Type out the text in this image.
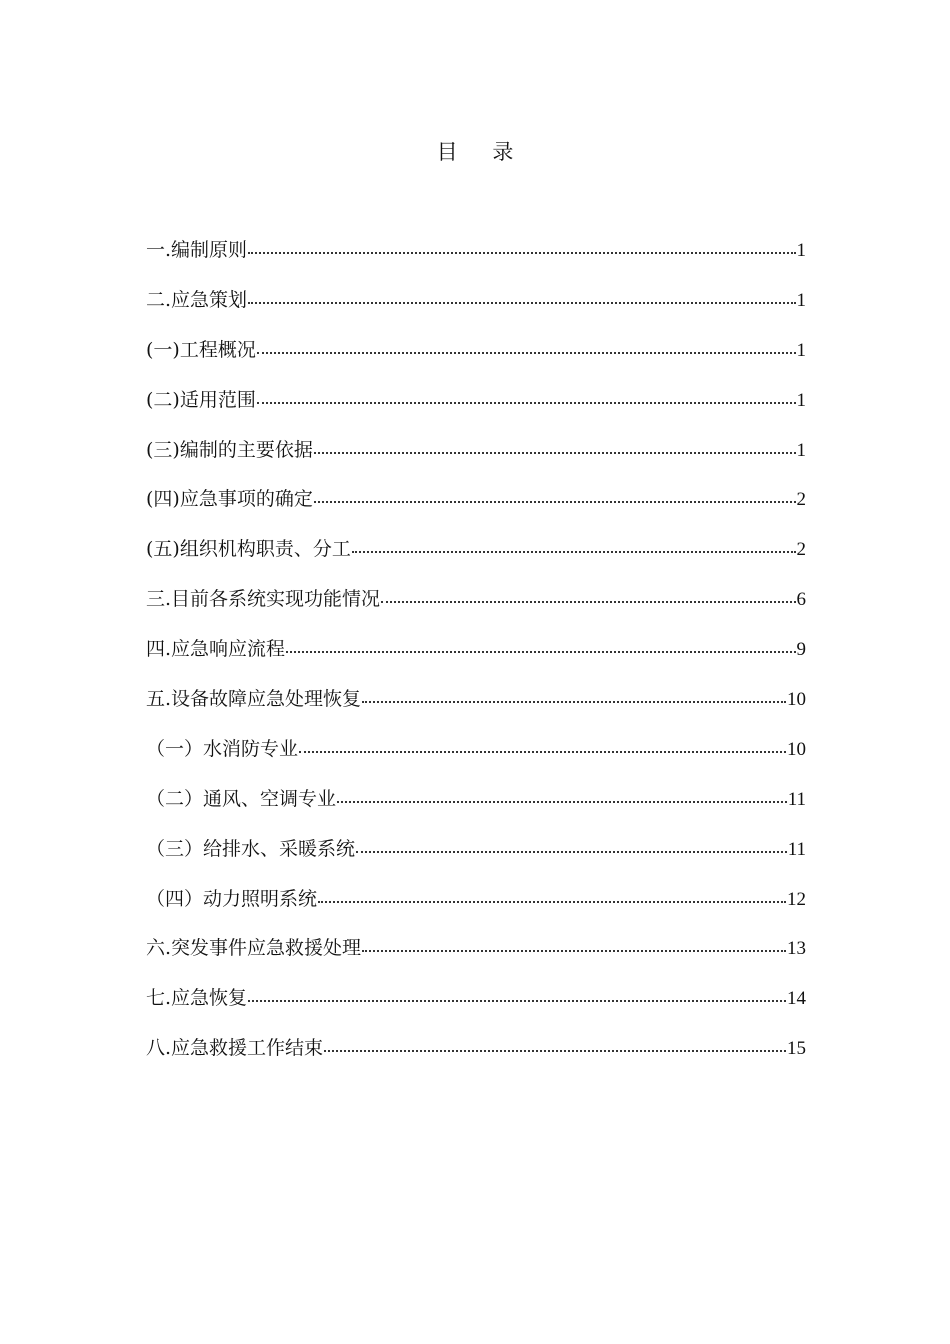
目 录
一.编制原则	1
二.应急策划	1
(一)工程概况	1
(二)适用范围	1
(三)编制的主要依据	1
(四)应急事项的确定	2
(五)组织机构职责、分工	2
三.目前各系统实现功能情况	6
四.应急响应流程	9
五.设备故障应急处理恢复	10
（一）水消防专业	10
（二）通风、空调专业	11
（三）给排水、采暖系统	11
（四）动力照明系统	12
六.突发事件应急救援处理	13
七.应急恢复	14
八.应急救援工作结束	15
